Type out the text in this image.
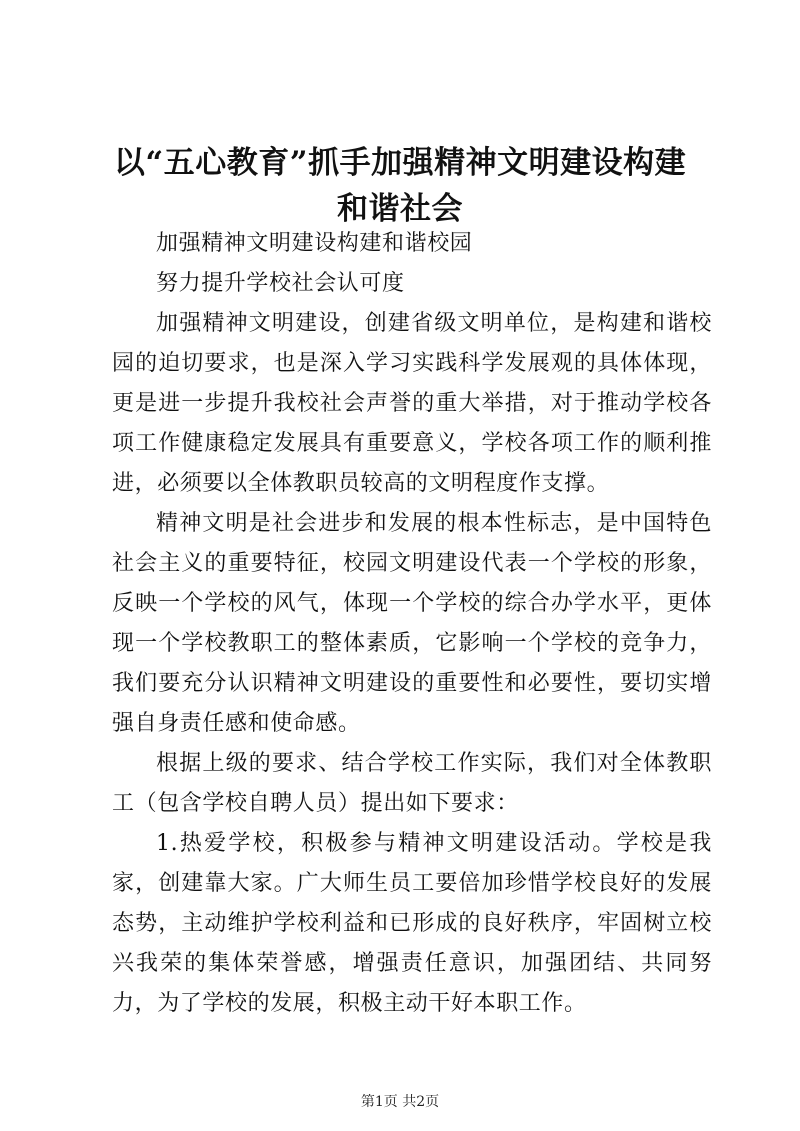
以“五心教育”抓手加强精神文明建设构建和谐社会

加强精神文明建设构建和谐校园

努力提升学校社会认可度

加强精神文明建设，创建省级文明单位，是构建和谐校园的迫切要求，也是深入学习实践科学发展观的具体体现，更是进一步提升我校社会声誉的重大举措，对于推动学校各项工作健康稳定发展具有重要意义，学校各项工作的顺利推进，必须要以全体教职员较高的文明程度作支撑。

精神文明是社会进步和发展的根本性标志，是中国特色社会主义的重要特征，校园文明建设代表一个学校的形象，反映一个学校的风气，体现一个学校的综合办学水平，更体现一个学校教职工的整体素质，它影响一个学校的竞争力，我们要充分认识精神文明建设的重要性和必要性，要切实增强自身责任感和使命感。

根据上级的要求、结合学校工作实际，我们对全体教职工（包含学校自聘人员）提出如下要求：

1.热爱学校，积极参与精神文明建设活动。学校是我家，创建靠大家。广大师生员工要倍加珍惜学校良好的发展态势，主动维护学校利益和已形成的良好秩序，牢固树立校兴我荣的集体荣誉感，增强责任意识，加强团结、共同努力，为了学校的发展，积极主动干好本职工作。

第1页 共2页
